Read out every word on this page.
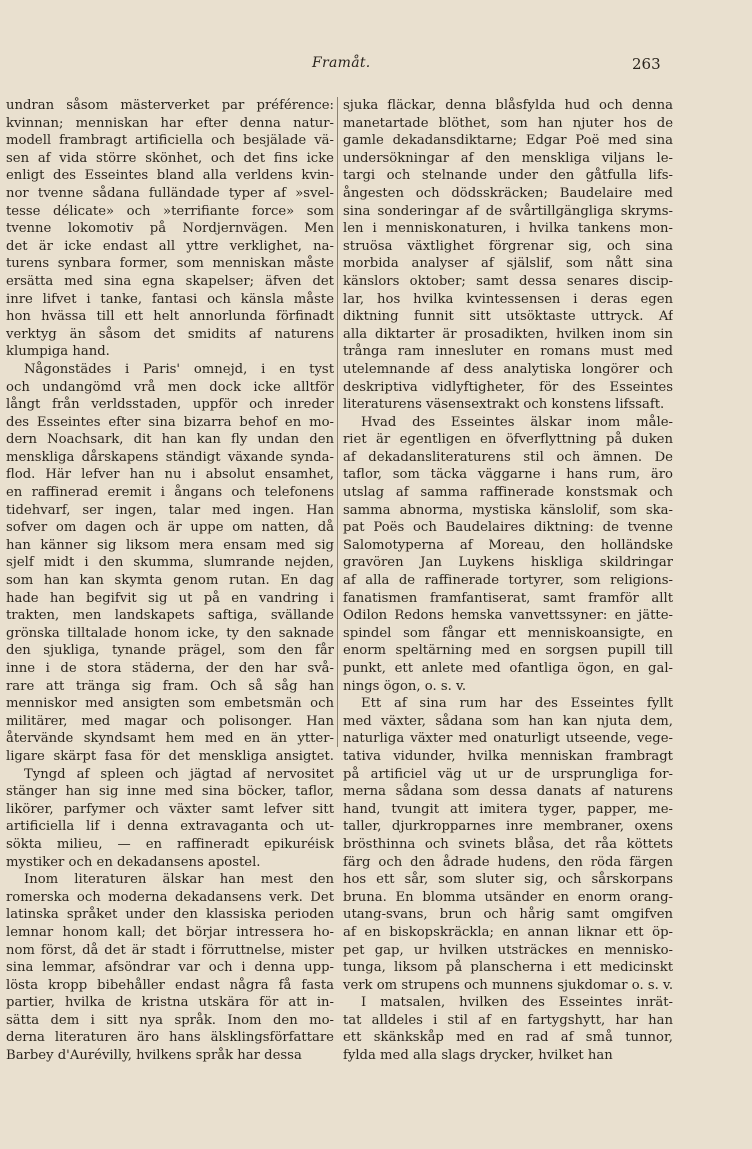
Framåt.	263
undran såsom mästerverket par préférence:
kvinnan; menniskan har efter denna natur-
modell frambragt artificiella och besjälade vä-
sen af vida större skönhet, och det fins icke
enligt des Esseintes bland alla verldens kvin-
nor tvenne sådana fulländade typer af »svel-
tesse délicate» och »terrifiante force» som
tvenne lokomotiv på Nordjernvägen. Men
det är icke endast all yttre verklighet, na-
turens synbara former, som menniskan måste
ersätta med sina egna skapelser; äfven det
inre lifvet i tanke, fantasi och känsla måste
hon hvässa till ett helt annorlunda förfinadt
verktyg än såsom det smidits af naturens
klumpiga hand.
Någonstädes i Paris' omnejd, i en tyst
och undangömd vrå men dock icke alltför
långt från verldsstaden, uppför och inreder
des Esseintes efter sina bizarra behof en mo-
dern Noachsark, dit han kan fly undan den
menskliga dårskapens ständigt växande synda-
flod. Här lefver han nu i absolut ensamhet,
en raffinerad eremit i ångans och telefonens
tidehvarf, ser ingen, talar med ingen. Han
sofver om dagen och är uppe om natten, då
han känner sig liksom mera ensam med sig
sjelf midt i den skumma, slumrande nejden,
som han kan skymta genom rutan. En dag
hade han begifvit sig ut på en vandring i
trakten, men landskapets saftiga, svällande
grönska tilltalade honom icke, ty den saknade
den sjukliga, tynande prägel, som den får
inne i de stora städerna, der den har svå-
rare att tränga sig fram. Och så såg han
menniskor med ansigten som embetsmän och
militärer, med magar och polisonger. Han
återvände skyndsamt hem med en än ytter-
ligare skärpt fasa för det menskliga ansigtet.
Tyngd af spleen och jägtad af nervositet
stänger han sig inne med sina böcker, taflor,
likörer, parfymer och växter samt lefver sitt
artificiella lif i denna extravaganta och ut-
sökta milieu, — en raffineradt epikuréisk
mystiker och en dekadansens apostel.
Inom literaturen älskar han mest den
romerska och moderna dekadansens verk. Det
latinska språket under den klassiska perioden
lemnar honom kall; det börjar intressera ho-
nom först, då det är stadt i förruttnelse, mister
sina lemmar, afsöndrar var och i denna upp-
lösta kropp bibehåller endast några få fasta
partier, hvilka de kristna utskära för att in-
sätta dem i sitt nya språk. Inom den mo-
derna literaturen äro hans älsklingsförfattare
Barbey d'Aurévilly, hvilkens språk har dessa
sjuka fläckar, denna blåsfylda hud och denna
manetartade blöthet, som han njuter hos de
gamle dekadansdiktarne; Edgar Poë med sina
undersökningar af den menskliga viljans le-
targi och stelnande under den gåtfulla lifs-
ångesten och dödsskräcken; Baudelaire med
sina sonderingar af de svårtillgängliga skryms-
len i menniskonaturen, i hvilka tankens mon-
struösa växtlighet förgrenar sig, och sina
morbida analyser af själslif, som nått sina
känslors oktober; samt dessa senares discip-
lar, hos hvilka kvintessensen i deras egen
diktning funnit sitt utsöktaste uttryck. Af
alla diktarter är prosadikten, hvilken inom sin
trånga ram innesluter en romans must med
utelemnande af dess analytiska longörer och
deskriptiva vidlyftigheter, för des Esseintes
literaturens väsensextrakt och konstens lifssaft.
Hvad des Esseintes älskar inom måle-
riet är egentligen en öfverflyttning på duken
af dekadansliteraturens stil och ämnen. De
taflor, som täcka väggarne i hans rum, äro
utslag af samma raffinerade konstsmak och
samma abnorma, mystiska känslolif, som ska-
pat Poës och Baudelaires diktning: de tvenne
Salomotyperna af Moreau, den holländske
gravören Jan Luykens hiskliga skildringar
af alla de raffinerade tortyrer, som religions-
fanatismen framfantiserat, samt framför allt
Odilon Redons hemska vanvettssyner: en jätte-
spindel som fångar ett menniskoansigte, en
enorm speltärning med en sorgsen pupill till
punkt, ett anlete med ofantliga ögon, en gal-
nings ögon, o. s. v.
Ett af sina rum har des Esseintes fyllt
med växter, sådana som han kan njuta dem,
naturliga växter med onaturligt utseende, vege-
tativa vidunder, hvilka menniskan frambragt
på artificiel väg ut ur de ursprungliga for-
merna sådana som dessa danats af naturens
hand, tvungit att imitera tyger, papper, me-
taller, djurkropparnes inre membraner, oxens
brösthinna och svinets blåsa, det råa köttets
färg och den ådrade hudens, den röda färgen
hos ett sår, som sluter sig, och sårskorpans
bruna. En blomma utsänder en enorm orang-
utang-svans, brun och hårig samt omgifven
af en biskopskräckla; en annan liknar ett öp-
pet gap, ur hvilken utsträckes en mennisko-
tunga, liksom på planscherna i ett medicinskt
verk om strupens och munnens sjukdomar o. s. v.
I matsalen, hvilken des Esseintes inrät-
tat alldeles i stil af en fartygshytt, har han
ett skänkskåp med en rad af små tunnor,
fylda med alla slags drycker, hvilket han
